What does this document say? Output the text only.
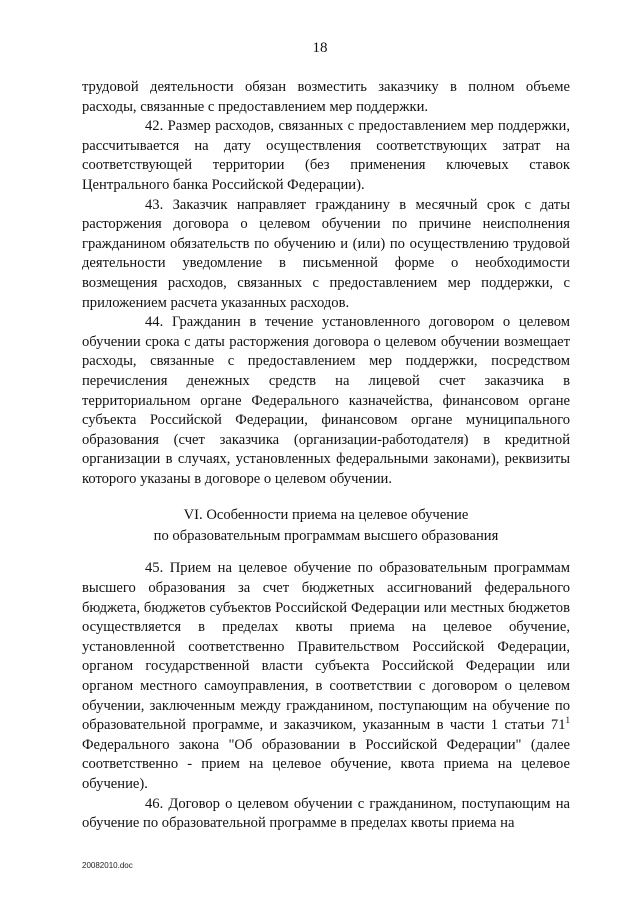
18

трудовой деятельности обязан возместить заказчику в полном объеме расходы, связанные с предоставлением мер поддержки.

42. Размер расходов, связанных с предоставлением мер поддержки, рассчитывается на дату осуществления соответствующих затрат на соответствующей территории (без применения ключевых ставок Центрального банка Российской Федерации).

43. Заказчик направляет гражданину в месячный срок с даты расторжения договора о целевом обучении по причине неисполнения гражданином обязательств по обучению и (или) по осуществлению трудовой деятельности уведомление в письменной форме о необходимости возмещения расходов, связанных с предоставлением мер поддержки, с приложением расчета указанных расходов.

44. Гражданин в течение установленного договором о целевом обучении срока с даты расторжения договора о целевом обучении возмещает расходы, связанные с предоставлением мер поддержки, посредством перечисления денежных средств на лицевой счет заказчика в территориальном органе Федерального казначейства, финансовом органе субъекта Российской Федерации, финансовом органе муниципального образования (счет заказчика (организации-работодателя) в кредитной организации в случаях, установленных федеральными законами), реквизиты которого указаны в договоре о целевом обучении.

VI. Особенности приема на целевое обучение
по образовательным программам высшего образования

45. Прием на целевое обучение по образовательным программам высшего образования за счет бюджетных ассигнований федерального бюджета, бюджетов субъектов Российской Федерации или местных бюджетов осуществляется в пределах квоты приема на целевое обучение, установленной соответственно Правительством Российской Федерации, органом государственной власти субъекта Российской Федерации или органом местного самоуправления, в соответствии с договором о целевом обучении, заключенным между гражданином, поступающим на обучение по образовательной программе, и заказчиком, указанным в части 1 статьи $71^1$ Федерального закона "Об образовании в Российской Федерации" (далее соответственно - прием на целевое обучение, квота приема на целевое обучение).

46. Договор о целевом обучении с гражданином, поступающим на обучение по образовательной программе в пределах квоты приема на

20082010.doc
